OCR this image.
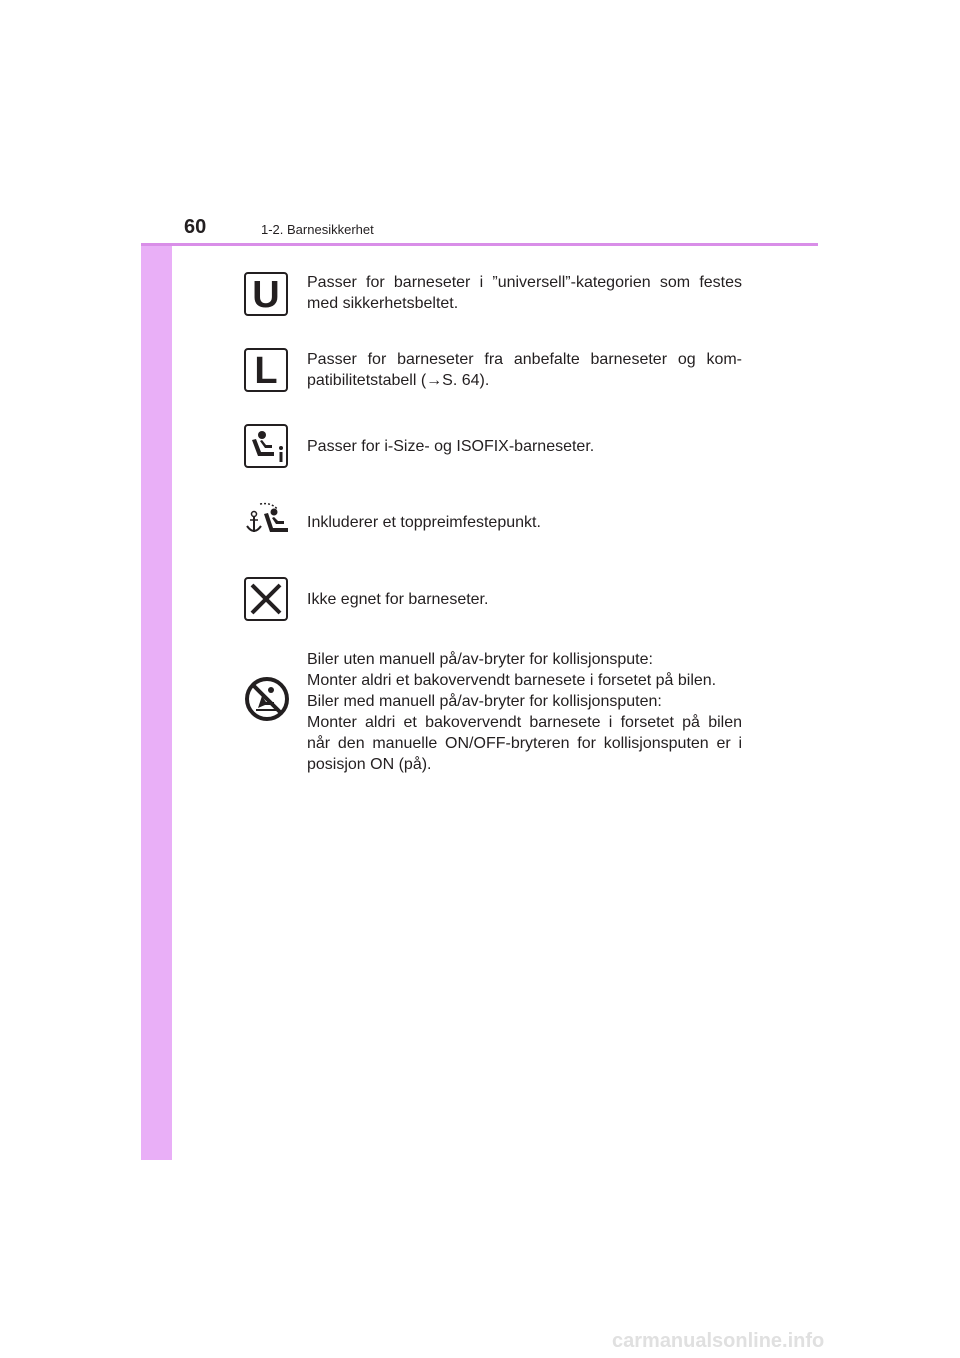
60	1-2. Barnesikkerhet
U	Passer for barneseter i ”universell”-kategorien som festes

med sikkerhetsbeltet.

L	Passer for barneseter fra anbefalte barneseter og kom-

patibilitetstabell (→S. 64).

Passer for i-Size- og ISOFIX-barneseter.

Inkluderer et toppreimfestepunkt.

Ikke egnet for barneseter.

Biler uten manuell på/av-bryter for kollisjonspute:

Monter aldri et bakovervendt barnesete i forsetet på bilen.

Biler med manuell på/av-bryter for kollisjonsputen:

Monter aldri et bakovervendt barnesete i forsetet på bilen

når den manuelle ON/OFF-bryteren for kollisjonsputen er i

posisjon ON (på).

carmanualsonline.info
